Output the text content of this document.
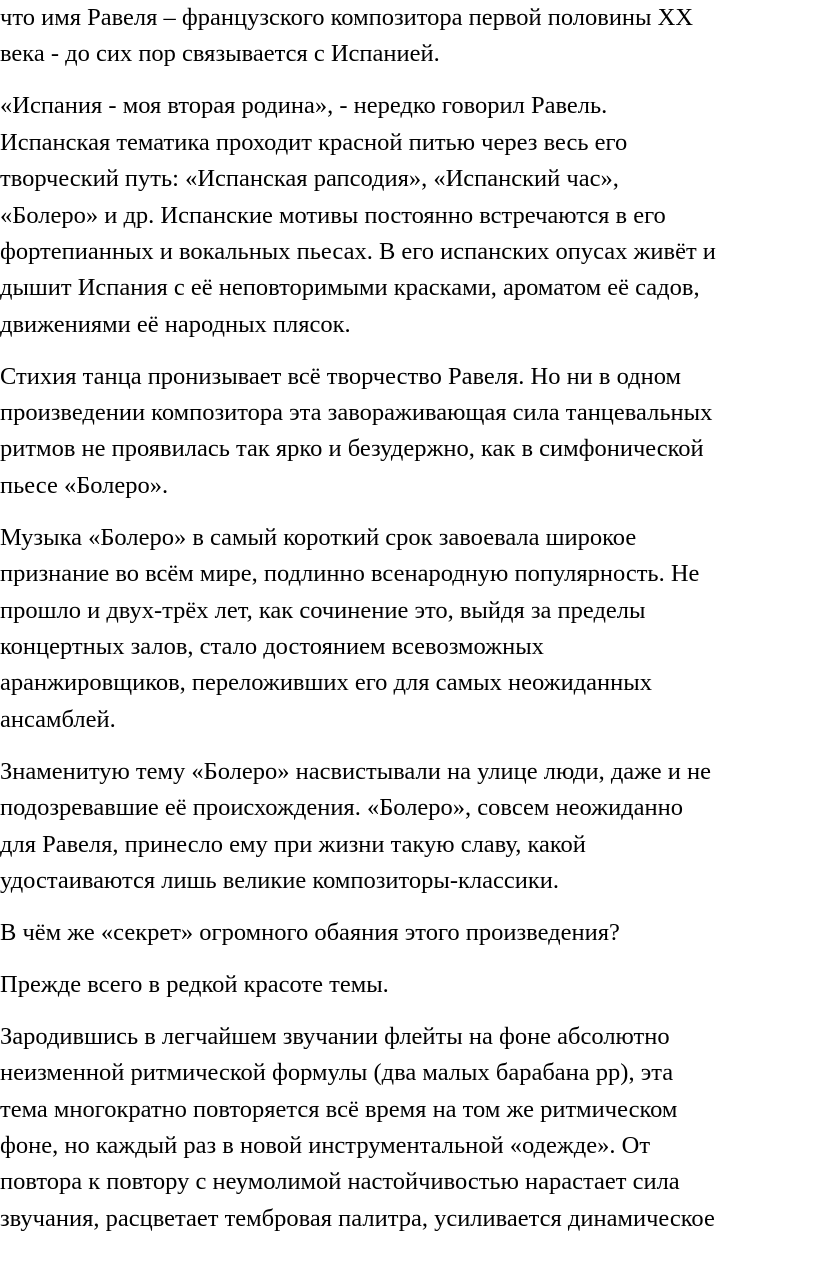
что имя Равеля – французского композитора первой половины XX
века - до сих пор связывается с Испанией.
«Испания - моя вторая родина», - нередко говорил Равель.
Испанская тематика проходит красной питью через весь его
творческий путь: «Испанская рапсодия», «Испанский час»,
«Болеро» и др. Испанские мотивы постоянно встречаются в его
фортепианных и вокальных пьесах. В его испанских опусах живёт и
дышит Испания с её неповторимыми красками, ароматом её садов,
движениями её народных плясок.
Стихия танца пронизывает всё творчество Равеля. Но ни в одном
произведении композитора эта завораживающая сила танцевальных
ритмов не проявилась так ярко и безудержно, как в симфонической
пьесе «Болеро».
Музыка «Болеро» в самый короткий срок завоевала широкое
признание во всём мире, подлинно всенародную популярность. Не
прошло и двух-трёх лет, как сочинение это, выйдя за пределы
концертных залов, стало достоянием всевозможных
аранжировщиков, переложивших его для самых неожиданных
ансамблей.
Знаменитую тему «Болеро» насвистывали на улице люди, даже и не
подозревавшие её происхождения. «Болеро», совсем неожиданно
для Равеля, принесло ему при жизни такую славу, какой
удостаиваются лишь великие композиторы-классики.
В чём же «секрет» огромного обаяния этого произведения?
Прежде всего в редкой красоте темы.
Зародившись в легчайшем звучании флейты на фоне абсолютно
неизменной ритмической формулы (два малых барабана pp), эта
тема многократно повторяется всё время на том же ритмическом
фоне, но каждый раз в новой инструментальной «одежде». От
повтора к повтору с неумолимой настойчивостью нарастает сила
звучания, расцветает тембровая палитра, усиливается динамическое
